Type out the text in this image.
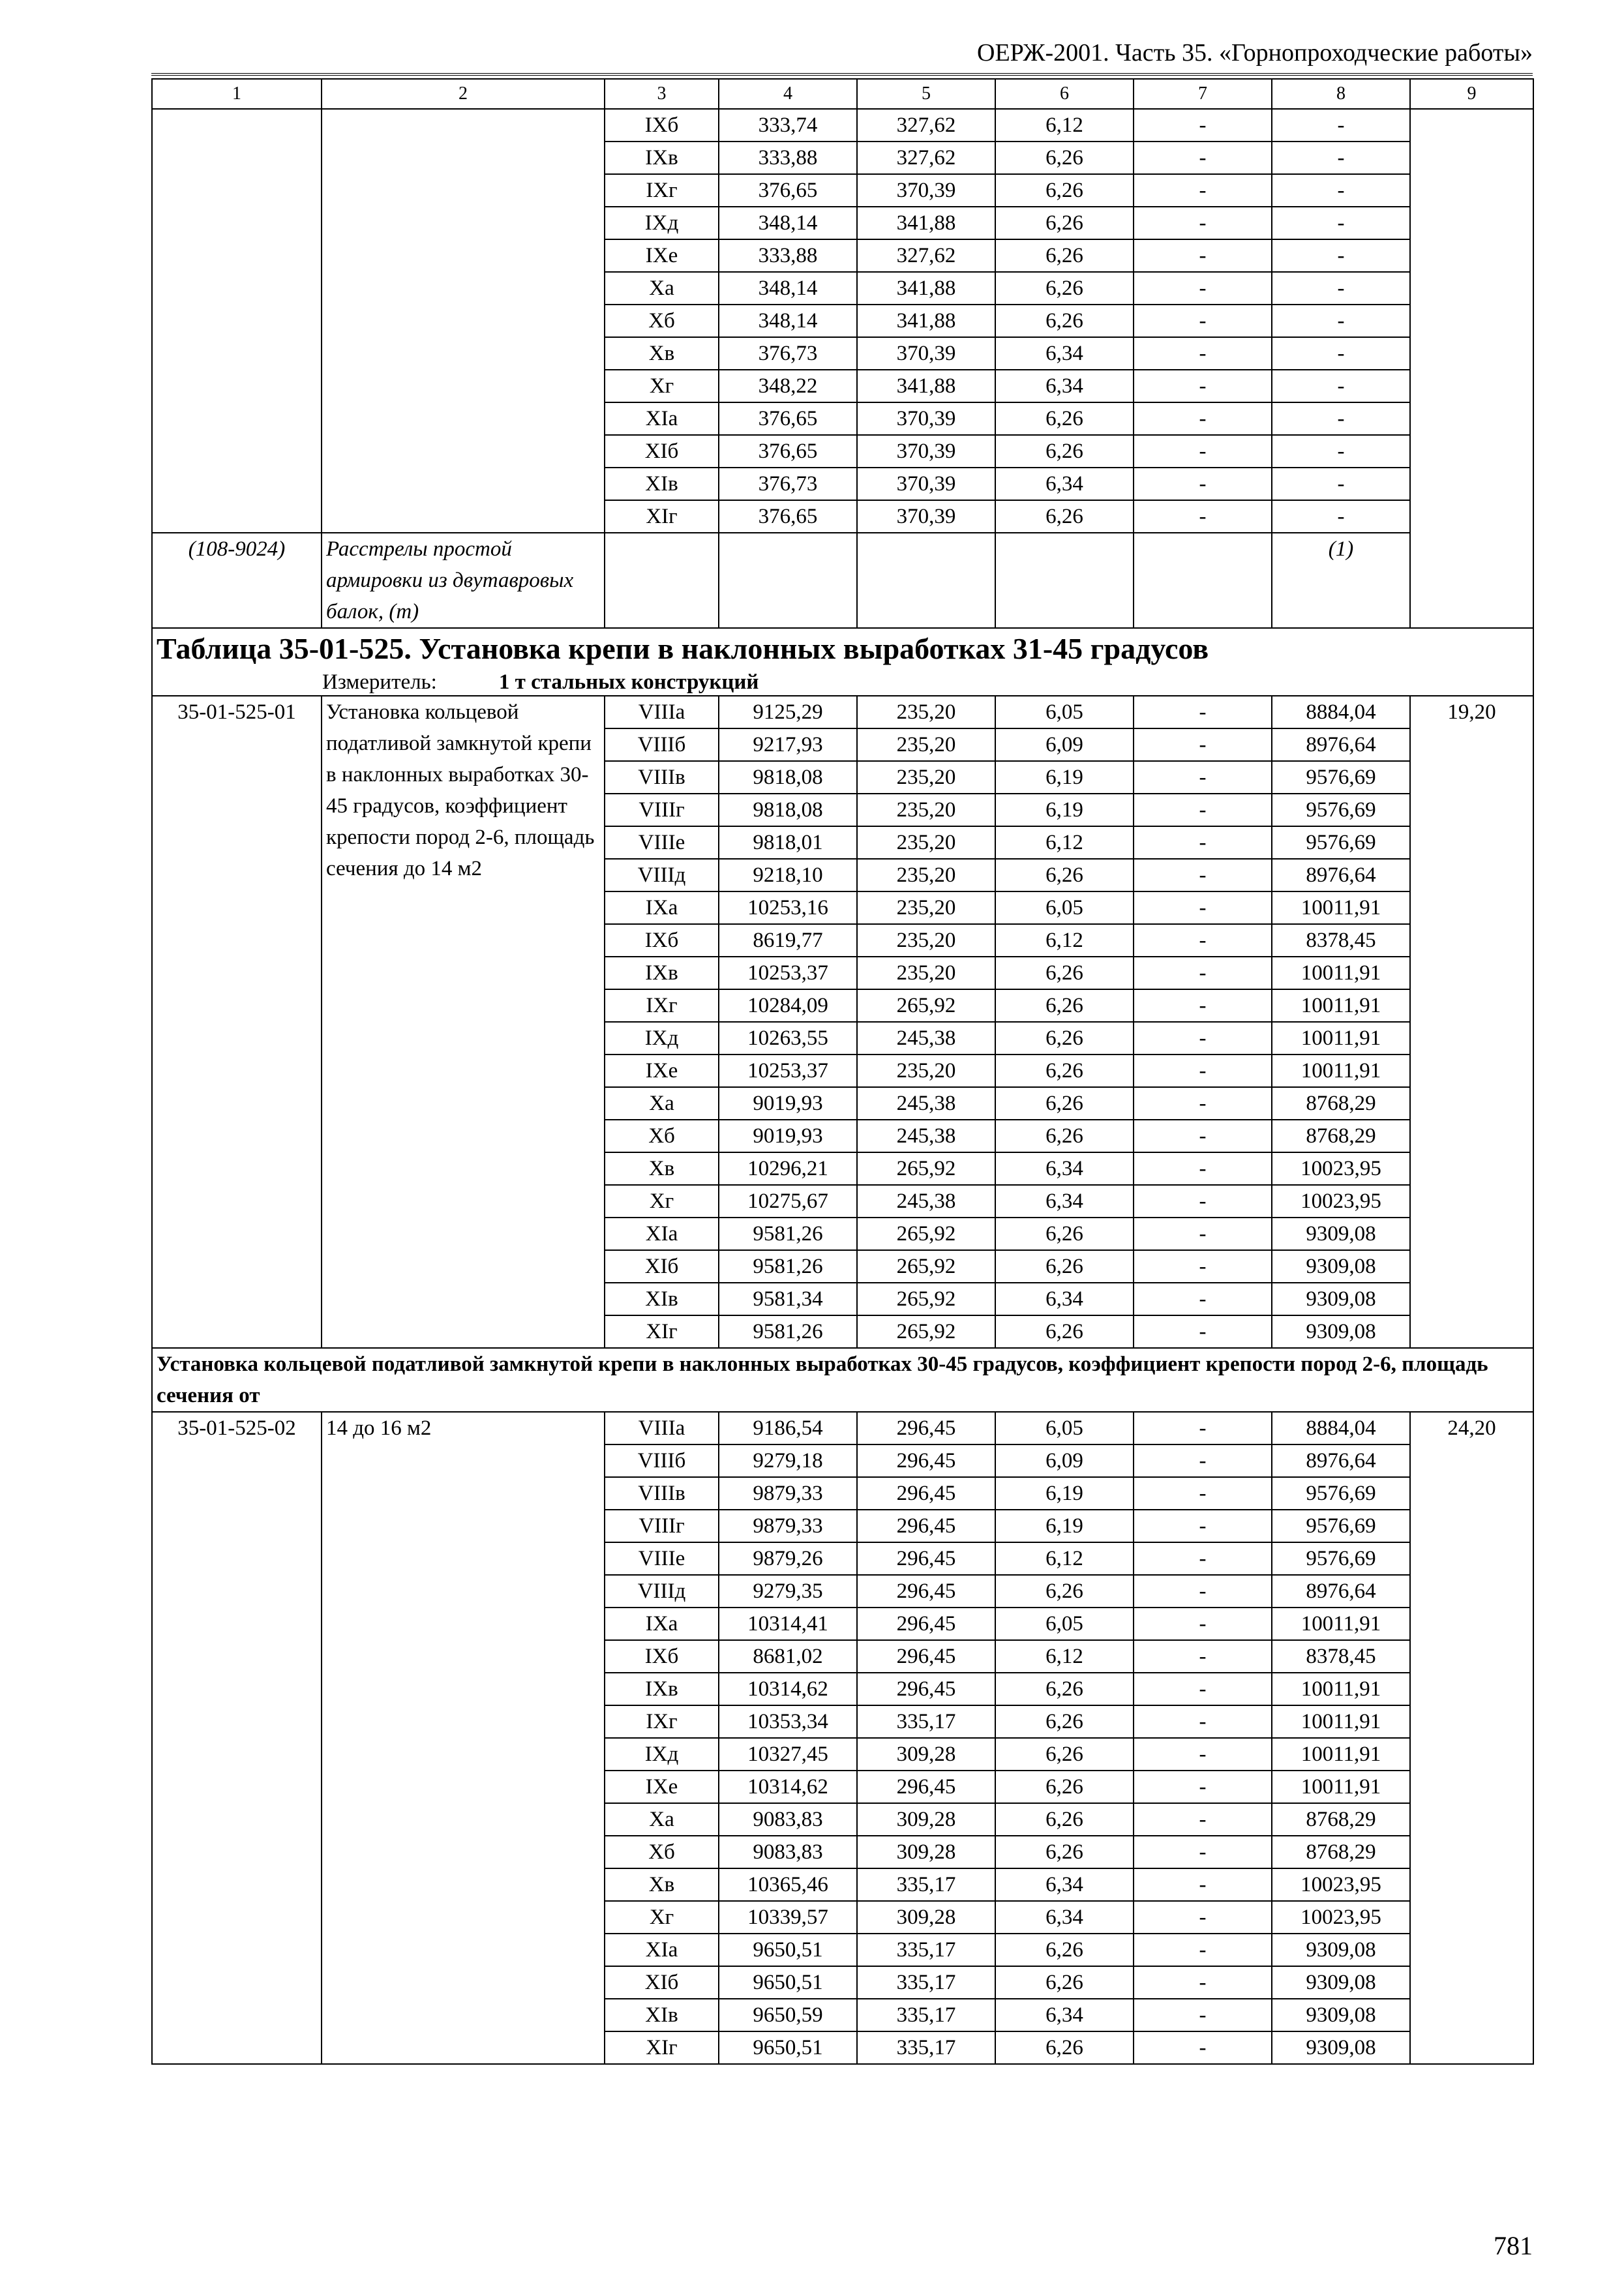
ОЕРЖ-2001. Часть 35. «Горнопроходческие работы»
1	2	3	4	5	6	7	8	9
		IXб	333,74	327,62	6,12	-	-	
		IXв	333,88	327,62	6,26	-	-	
		IXг	376,65	370,39	6,26	-	-	
		IXд	348,14	341,88	6,26	-	-	
		IXе	333,88	327,62	6,26	-	-	
		Xа	348,14	341,88	6,26	-	-	
		Xб	348,14	341,88	6,26	-	-	
		Xв	376,73	370,39	6,34	-	-	
		Xг	348,22	341,88	6,34	-	-	
		XIа	376,65	370,39	6,26	-	-	
		XIб	376,65	370,39	6,26	-	-	
		XIв	376,73	370,39	6,34	-	-	
		XIг	376,65	370,39	6,26	-	-	
(108-9024)	Расстрелы простой армировки из двутавровых балок, (т)						(1)	

Таблица 35-01-525. Установка крепи в наклонных выработках 31-45 градусов
Измеритель: 1 т стальных конструкций								

35-01-525-01	Установка кольцевой податливой замкнутой крепи в наклонных выработках 30-45 градусов, коэффициент крепости пород 2-6, площадь сечения до 14 м2	VIIIа	9125,29	235,20	6,05	-	8884,04	19,20
		VIIIб	9217,93	235,20	6,09	-	8976,64	
		VIIIв	9818,08	235,20	6,19	-	9576,69	
		VIIIг	9818,08	235,20	6,19	-	9576,69	
		VIIIе	9818,01	235,20	6,12	-	9576,69	
		VIIIд	9218,10	235,20	6,26	-	8976,64	
		IXа	10253,16	235,20	6,05	-	10011,91	
		IXб	8619,77	235,20	6,12	-	8378,45	
		IXв	10253,37	235,20	6,26	-	10011,91	
		IXг	10284,09	265,92	6,26	-	10011,91	
		IXд	10263,55	245,38	6,26	-	10011,91	
		IXе	10253,37	235,20	6,26	-	10011,91	
		Xа	9019,93	245,38	6,26	-	8768,29	
		Xб	9019,93	245,38	6,26	-	8768,29	
		Xв	10296,21	265,92	6,34	-	10023,95	
		Xг	10275,67	245,38	6,34	-	10023,95	
		XIа	9581,26	265,92	6,26	-	9309,08	
		XIб	9581,26	265,92	6,26	-	9309,08	
		XIв	9581,34	265,92	6,34	-	9309,08	
		XIг	9581,26	265,92	6,26	-	9309,08	
Установка кольцевой податливой замкнутой крепи в наклонных выработках 30-45 градусов, коэффициент крепости пород 2-6, площадь сечения от								
35-01-525-02	14 до 16 м2	VIIIа	9186,54	296,45	6,05	-	8884,04	24,20
		VIIIб	9279,18	296,45	6,09	-	8976,64	
		VIIIв	9879,33	296,45	6,19	-	9576,69	
		VIIIг	9879,33	296,45	6,19	-	9576,69	
		VIIIе	9879,26	296,45	6,12	-	9576,69	
		VIIIд	9279,35	296,45	6,26	-	8976,64	
		IXа	10314,41	296,45	6,05	-	10011,91	
		IXб	8681,02	296,45	6,12	-	8378,45	
		IXв	10314,62	296,45	6,26	-	10011,91	
		IXг	10353,34	335,17	6,26	-	10011,91	
		IXд	10327,45	309,28	6,26	-	10011,91	
		IXе	10314,62	296,45	6,26	-	10011,91	
		Xа	9083,83	309,28	6,26	-	8768,29	
		Xб	9083,83	309,28	6,26	-	8768,29	
		Xв	10365,46	335,17	6,34	-	10023,95	
		Xг	10339,57	309,28	6,34	-	10023,95	
		XIа	9650,51	335,17	6,26	-	9309,08	
		XIб	9650,51	335,17	6,26	-	9309,08	
		XIв	9650,59	335,17	6,34	-	9309,08	
		XIг	9650,51	335,17	6,26	-	9309,08	
781
